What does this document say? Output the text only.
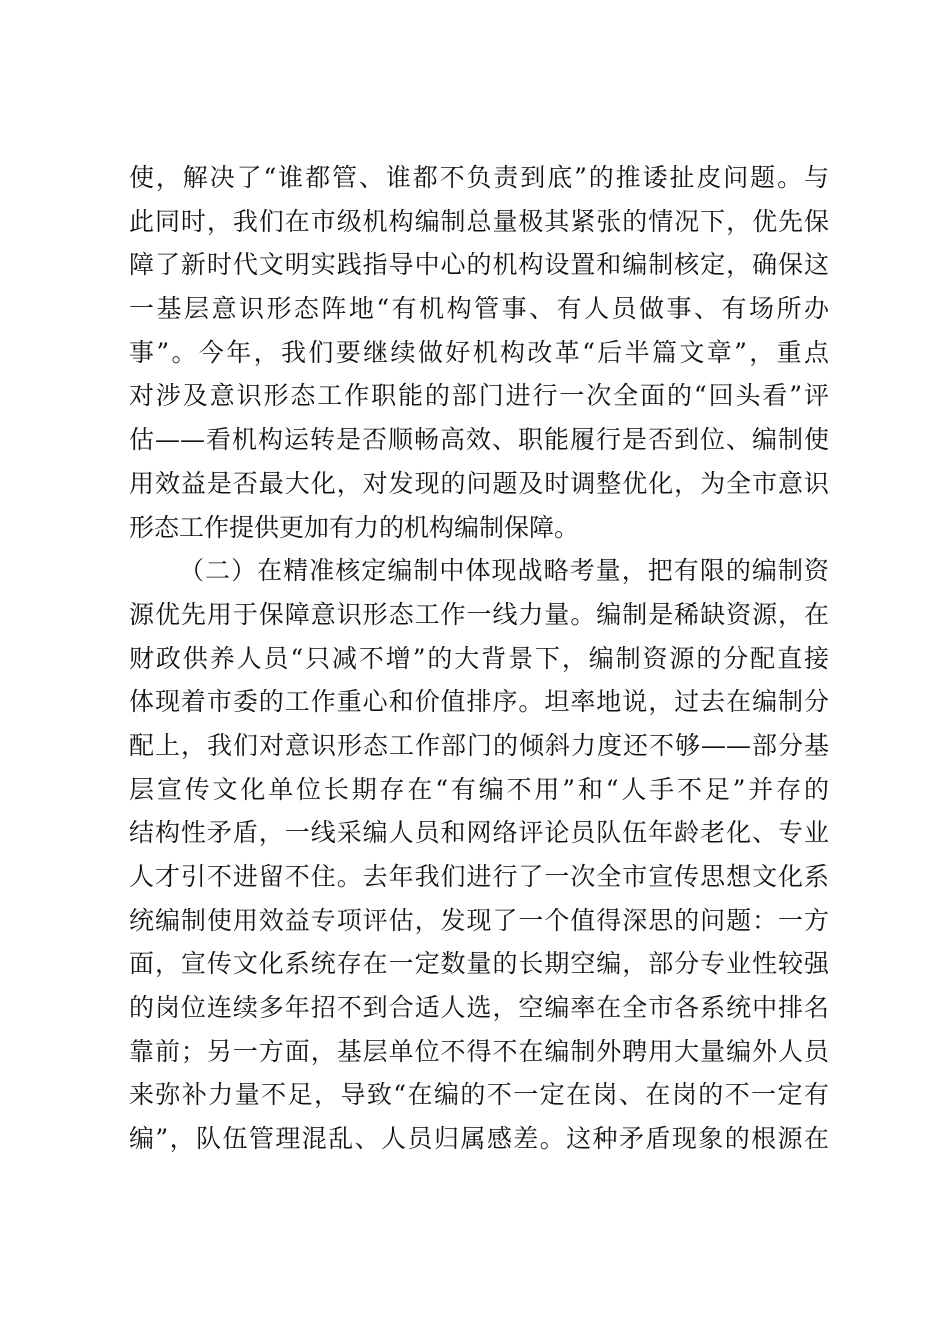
使，解决了“谁都管、谁都不负责到底”的推诿扯皮问题。与
此同时，我们在市级机构编制总量极其紧张的情况下，优先保
障了新时代文明实践指导中心的机构设置和编制核定，确保这
一基层意识形态阵地“有机构管事、有人员做事、有场所办
事”。今年，我们要继续做好机构改革“后半篇文章”，重点
对涉及意识形态工作职能的部门进行一次全面的“回头看”评
估——看机构运转是否顺畅高效、职能履行是否到位、编制使
用效益是否最大化，对发现的问题及时调整优化，为全市意识
形态工作提供更加有力的机构编制保障。
（二）在精准核定编制中体现战略考量，把有限的编制资
源优先用于保障意识形态工作一线力量。编制是稀缺资源，在
财政供养人员“只减不增”的大背景下，编制资源的分配直接
体现着市委的工作重心和价值排序。坦率地说，过去在编制分
配上，我们对意识形态工作部门的倾斜力度还不够——部分基
层宣传文化单位长期存在“有编不用”和“人手不足”并存的
结构性矛盾，一线采编人员和网络评论员队伍年龄老化、专业
人才引不进留不住。去年我们进行了一次全市宣传思想文化系
统编制使用效益专项评估，发现了一个值得深思的问题：一方
面，宣传文化系统存在一定数量的长期空编，部分专业性较强
的岗位连续多年招不到合适人选，空编率在全市各系统中排名
靠前；另一方面，基层单位不得不在编制外聘用大量编外人员
来弥补力量不足，导致“在编的不一定在岗、在岗的不一定有
编”，队伍管理混乱、人员归属感差。这种矛盾现象的根源在
